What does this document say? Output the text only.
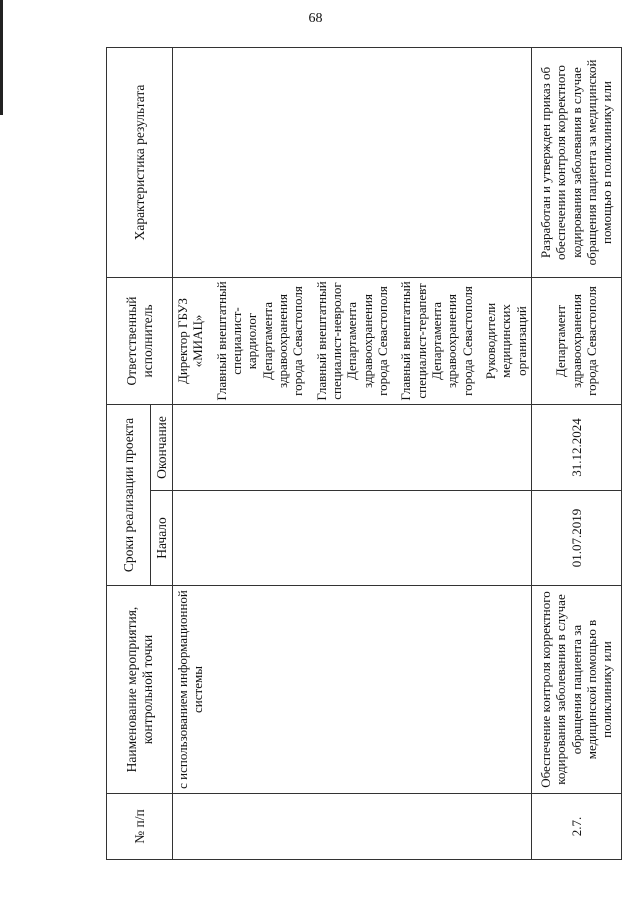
68
№ п/п	Наименование мероприятия, контрольной точки	Сроки реализации проекта		Ответственный исполнитель	Характеристика результата
		Начало	Окончание		
	с использованием информационной системы			Директор ГБУЗ «МИАЦ» Главный внештатный специалист-кардиолог Департамента здравоохранения города Севастополя Главный внештатный специалист-невролог Департамента здравоохранения города Севастополя Главный внештатный специалист-терапевт Департамента здравоохранения города Севастополя Руководители медицинских организаций	

2.7.	Обеспечение контроля корректного кодирования заболевания в случае обращения пациента за медицинской помощью в поликлинику или	01.07.2019	31.12.2024	Департамент здравоохранения города Севастополя	Разработан и утвержден приказ об обеспечении контроля корректного кодирования заболевания в случае обращения пациента за медицинской помощью в поликлинику или
